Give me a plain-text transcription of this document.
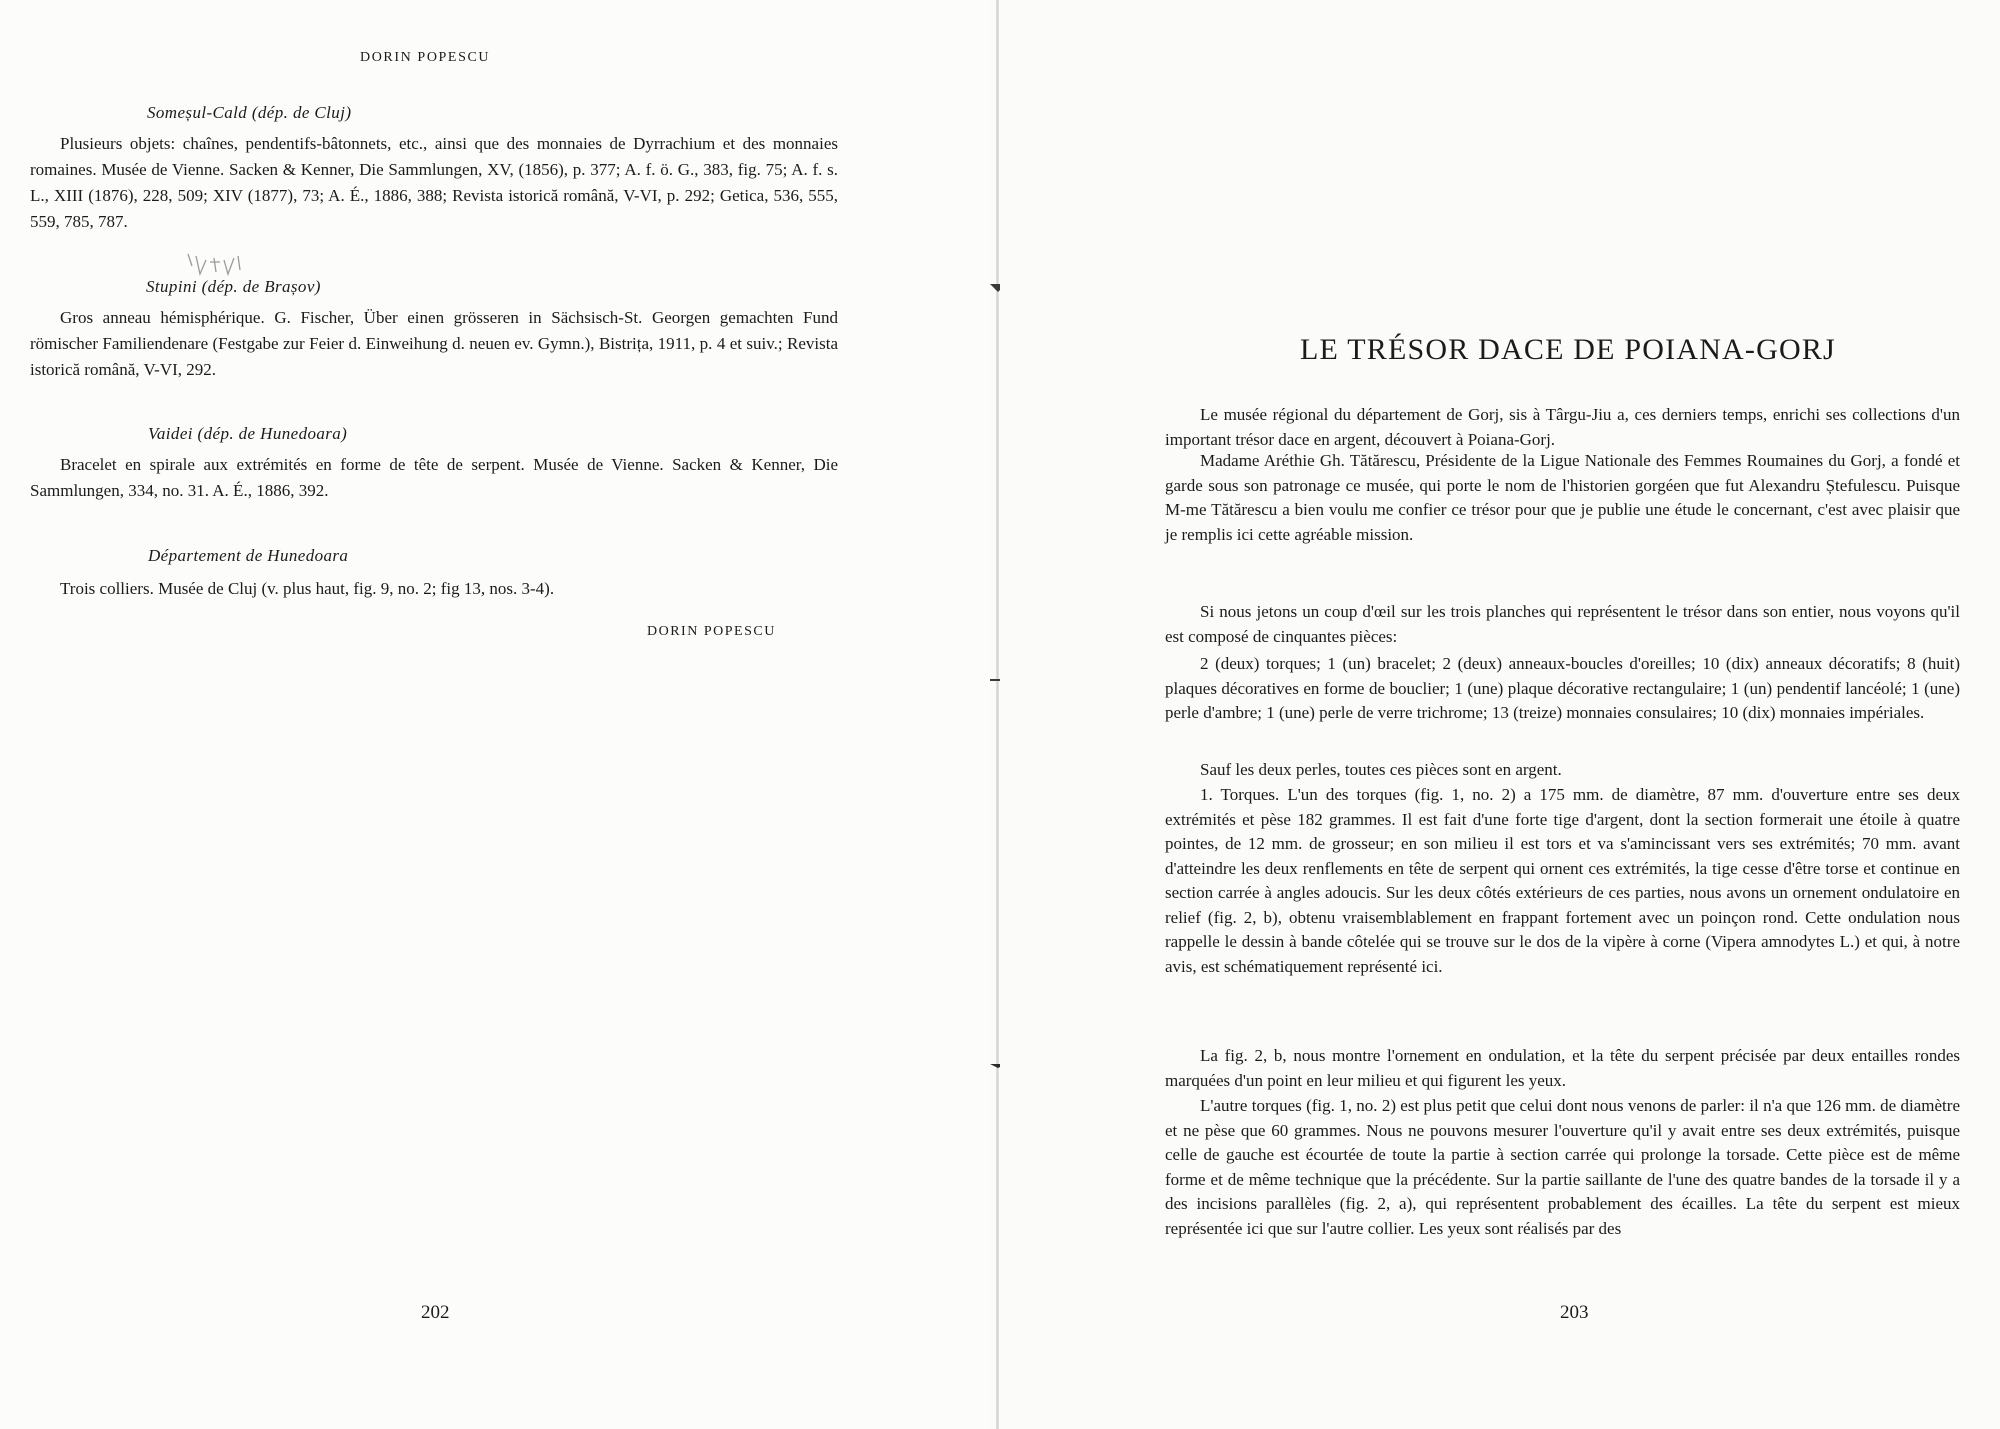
DORIN POPESCU
Someșul-Cald (dép. de Cluj)
Plusieurs objets: chaînes, pendentifs-bâtonnets, etc., ainsi que des monnaies de Dyrrachium et des monnaies romaines. Musée de Vienne. Sacken & Kenner, Die Sammlungen, XV, (1856), p. 377; A. f. ö. G., 383, fig. 75; A. f. s. L., XIII (1876), 228, 509; XIV (1877), 73; A. É., 1886, 388; Revista istorică română, V-VI, p. 292; Getica, 536, 555, 559, 785, 787.
Stupini (dép. de Brașov)
Gros anneau hémisphérique. G. Fischer, Über einen grösseren in Sächsisch-St. Georgen gemachten Fund römischer Familiendenare (Festgabe zur Feier d. Einweihung d. neuen ev. Gymn.), Bistrița, 1911, p. 4 et suiv.; Revista istorică română, V-VI, 292.
Vaidei (dép. de Hunedoara)
Bracelet en spirale aux extrémités en forme de tête de serpent. Musée de Vienne. Sacken & Kenner, Die Sammlungen, 334, no. 31. A. É., 1886, 392.
Département de Hunedoara
Trois colliers. Musée de Cluj (v. plus haut, fig. 9, no. 2; fig 13, nos. 3-4).
DORIN POPESCU
202
LE TRÉSOR DACE DE POIANA-GORJ
Le musée régional du département de Gorj, sis à Târgu-Jiu a, ces derniers temps, enrichi ses collections d'un important trésor dace en argent, découvert à Poiana-Gorj.
Madame Aréthie Gh. Tătărescu, Présidente de la Ligue Nationale des Femmes Roumaines du Gorj, a fondé et garde sous son patronage ce musée, qui porte le nom de l'historien gorgéen que fut Alexandru Ștefulescu. Puisque M-me Tătărescu a bien voulu me confier ce trésor pour que je publie une étude le concernant, c'est avec plaisir que je remplis ici cette agréable mission.
Si nous jetons un coup d'œil sur les trois planches qui représentent le trésor dans son entier, nous voyons qu'il est composé de cinquantes pièces:
2 (deux) torques; 1 (un) bracelet; 2 (deux) anneaux-boucles d'oreilles; 10 (dix) anneaux décoratifs; 8 (huit) plaques décoratives en forme de bouclier; 1 (une) plaque décorative rectangulaire; 1 (un) pendentif lancéolé; 1 (une) perle d'ambre; 1 (une) perle de verre trichrome; 13 (treize) monnaies consulaires; 10 (dix) monnaies impériales.
Sauf les deux perles, toutes ces pièces sont en argent.
1. Torques. L'un des torques (fig. 1, no. 2) a 175 mm. de diamètre, 87 mm. d'ouverture entre ses deux extrémités et pèse 182 grammes. Il est fait d'une forte tige d'argent, dont la section formerait une étoile à quatre pointes, de 12 mm. de grosseur; en son milieu il est tors et va s'amincissant vers ses extrémités; 70 mm. avant d'atteindre les deux renflements en tête de serpent qui ornent ces extrémités, la tige cesse d'être torse et continue en section carrée à angles adoucis. Sur les deux côtés extérieurs de ces parties, nous avons un ornement ondulatoire en relief (fig. 2, b), obtenu vraisemblablement en frappant fortement avec un poinçon rond. Cette ondulation nous rappelle le dessin à bande côtelée qui se trouve sur le dos de la vipère à corne (Vipera amnodytes L.) et qui, à notre avis, est schématiquement représenté ici.
La fig. 2, b, nous montre l'ornement en ondulation, et la tête du serpent précisée par deux entailles rondes marquées d'un point en leur milieu et qui figurent les yeux.
L'autre torques (fig. 1, no. 2) est plus petit que celui dont nous venons de parler: il n'a que 126 mm. de diamètre et ne pèse que 60 grammes. Nous ne pouvons mesurer l'ouverture qu'il y avait entre ses deux extrémités, puisque celle de gauche est écourtée de toute la partie à section carrée qui prolonge la torsade. Cette pièce est de même forme et de même technique que la précédente. Sur la partie saillante de l'une des quatre bandes de la torsade il y a des incisions parallèles (fig. 2, a), qui représentent probablement des écailles. La tête du serpent est mieux représentée ici que sur l'autre collier. Les yeux sont réalisés par des
203
